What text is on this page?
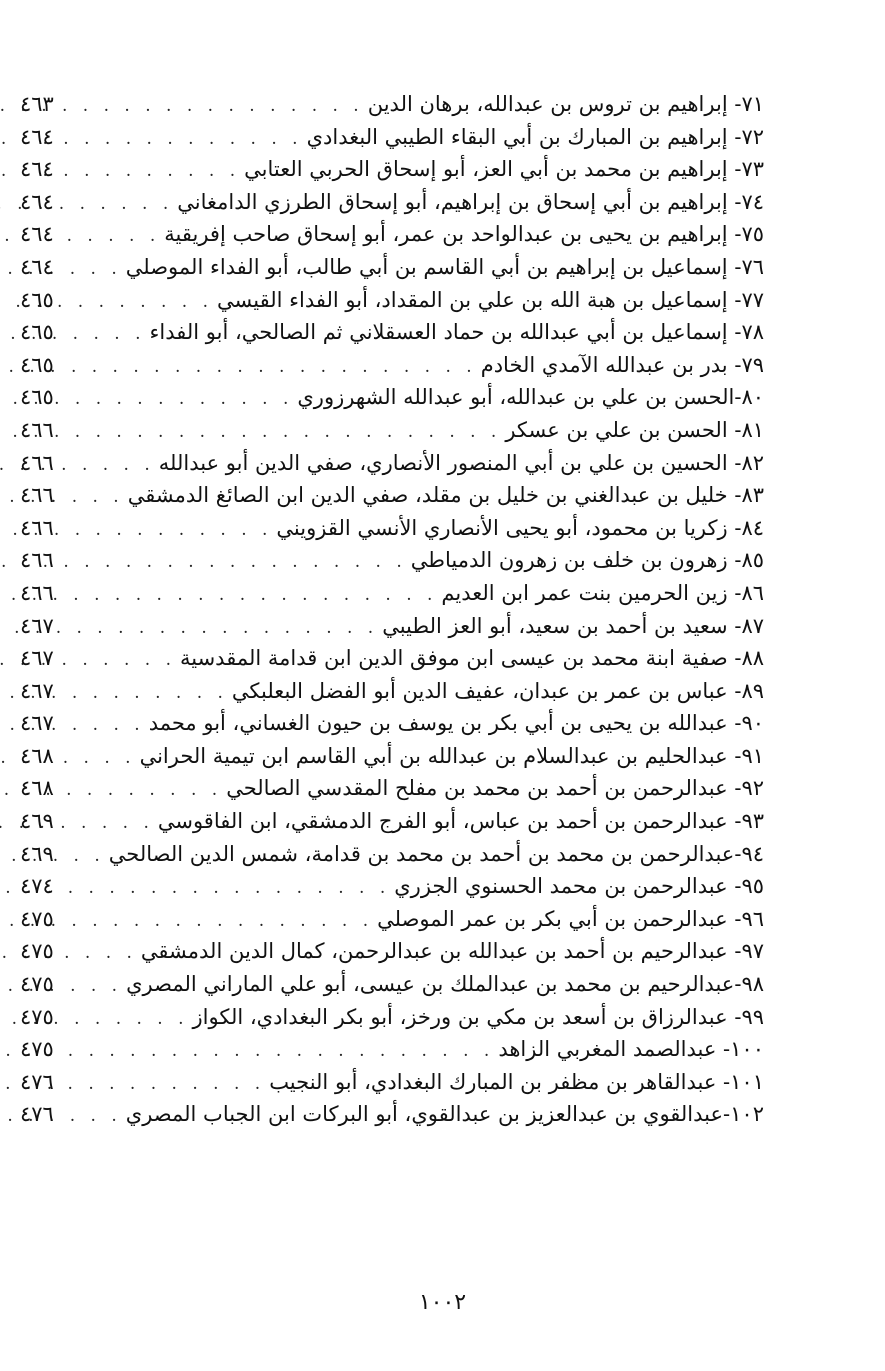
٧١- إبراهيم بن تروس بن عبدالله، برهان الدين
. . .
٤٦٣
٧٢- إبراهيم بن المبارك بن أبي البقاء الطيبي البغدادي
. . .
٤٦٤
٧٣- إبراهيم بن محمد بن أبي العز، أبو إسحاق الحربي العتابي
. . .
٤٦٤
٧٤- إبراهيم بن أبي إسحاق بن إبراهيم، أبو إسحاق الطرزي الدامغاني
. . .
٤٦٤
٧٥- إبراهيم بن يحيى بن عبدالواحد بن عمر، أبو إسحاق صاحب إفريقية
. . .
٤٦٤
٧٦- إسماعيل بن إبراهيم بن أبي القاسم بن أبي طالب، أبو الفداء الموصلي
. . .
٤٦٤
٧٧- إسماعيل بن هبة الله بن علي بن المقداد، أبو الفداء القيسي
. . .
٤٦٥
٧٨- إسماعيل بن أبي عبدالله بن حماد العسقلاني ثم الصالحي، أبو الفداء
. . .
٤٦٥
٧٩- بدر بن عبدالله الآمدي الخادم
. . .
٤٦٥
٨٠-الحسن بن علي بن عبدالله، أبو عبدالله الشهرزوري
. . .
٤٦٥
٨١- الحسن بن علي بن عسكر
. . .
٤٦٦
٨٢- الحسين بن علي بن أبي المنصور الأنصاري، صفي الدين أبو عبدالله
. . .
٤٦٦
٨٣- خليل بن عبدالغني بن خليل بن مقلد، صفي الدين ابن الصائغ الدمشقي
. . .
٤٦٦
٨٤- زكريا بن محمود، أبو يحيى الأنصاري الأنسي القزويني
. . .
٤٦٦
٨٥- زهرون بن خلف بن زهرون الدمياطي
. . .
٤٦٦
٨٦- زين الحرمين بنت عمر ابن العديم
. . .
٤٦٦
٨٧- سعيد بن أحمد بن سعيد، أبو العز الطيبي
. . .
٤٦٧
٨٨- صفية ابنة محمد بن عيسى ابن موفق الدين ابن قدامة المقدسية
. . .
٤٦٧
٨٩- عباس بن عمر بن عبدان، عفيف الدين أبو الفضل البعلبكي
. . .
٤٦٧
٩٠- عبدالله بن يحيى بن أبي بكر بن يوسف بن حيون الغساني، أبو محمد
. . .
٤٦٧
٩١- عبدالحليم بن عبدالسلام بن عبدالله بن أبي القاسم ابن تيمية الحراني
. . .
٤٦٨
٩٢- عبدالرحمن بن أحمد بن محمد بن مفلح المقدسي الصالحي
. . .
٤٦٨
٩٣- عبدالرحمن بن أحمد بن عباس، أبو الفرج الدمشقي، ابن الفاقوسي
. . .
٤٦٩
٩٤-عبدالرحمن بن محمد بن أحمد بن محمد بن قدامة، شمس الدين الصالحي
. . .
٤٦٩
٩٥- عبدالرحمن بن محمد الحسنوي الجزري
. . .
٤٧٤
٩٦- عبدالرحمن بن أبي بكر بن عمر الموصلي
. . .
٤٧٥
٩٧- عبدالرحيم بن أحمد بن عبدالله بن عبدالرحمن، كمال الدين الدمشقي
. . .
٤٧٥
٩٨-عبدالرحيم بن محمد بن عبدالملك بن عيسى، أبو علي الماراني المصري
. . .
٤٧٥
٩٩- عبدالرزاق بن أسعد بن مكي بن ورخز، أبو بكر البغدادي، الكواز
. . .
٤٧٥
١٠٠- عبدالصمد المغربي الزاهد
. . .
٤٧٥
١٠١- عبدالقاهر بن مظفر بن المبارك البغدادي، أبو النجيب
. . .
٤٧٦
١٠٢-عبدالقوي بن عبدالعزيز بن عبدالقوي، أبو البركات ابن الجباب المصري
. . .
٤٧٦
١٠٠٢
